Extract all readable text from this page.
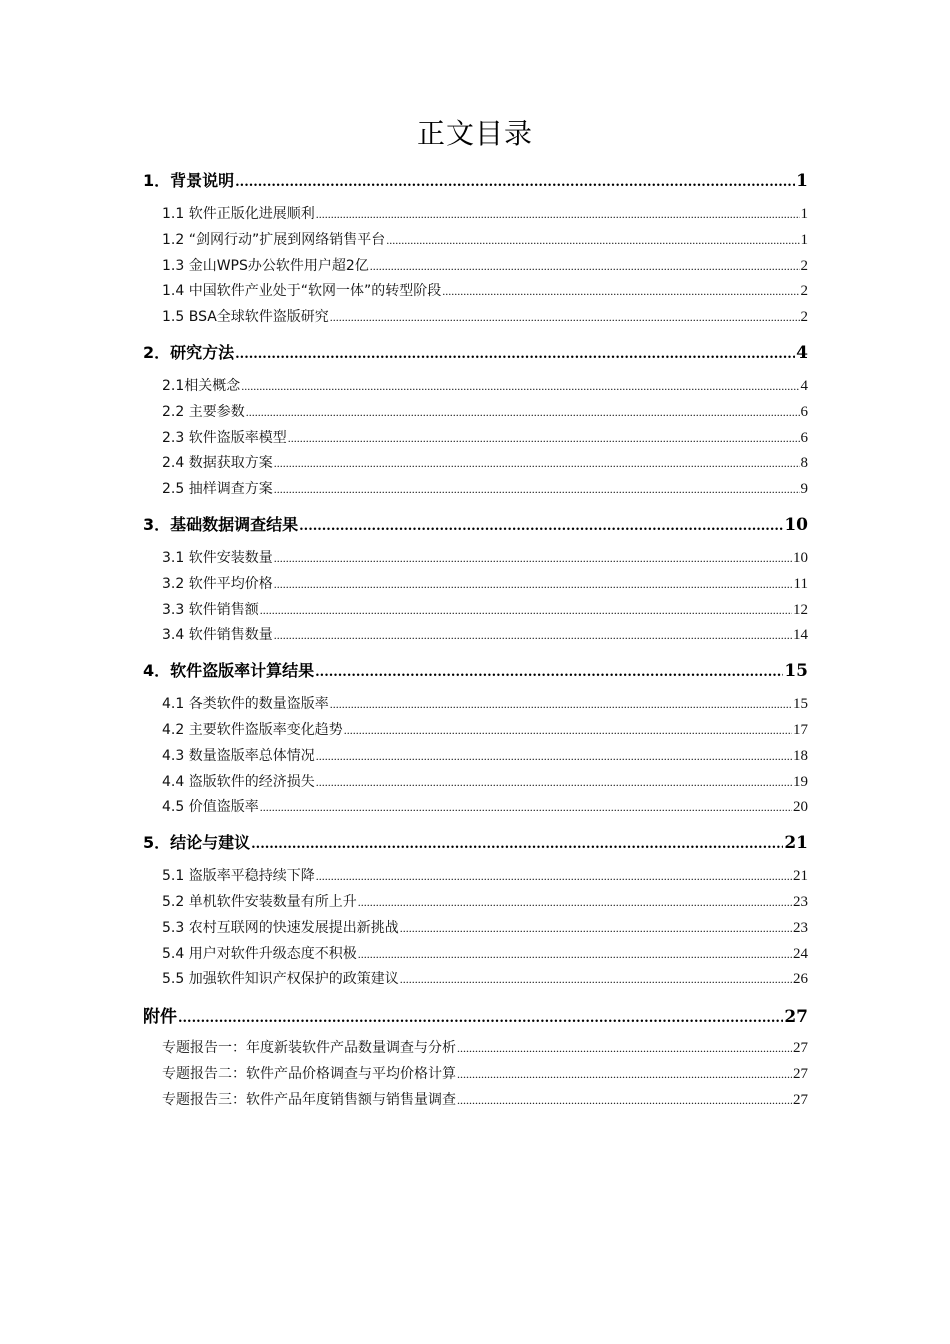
正文目录
1．背景说明 .....	1
1.1 软件正版化进展顺利 .....	1
1.2 “剑网行动”扩展到网络销售平台 .....	1
1.3 金山WPS办公软件用户超2亿 .....	2
1.4 中国软件产业处于“软网一体”的转型阶段 .....	2
1.5 BSA全球软件盗版研究 .....	2
2．研究方法 .....	4
2.1相关概念 .....	4
2.2 主要参数 .....	6
2.3 软件盗版率模型 .....	6
2.4 数据获取方案 .....	8
2.5 抽样调查方案 .....	9
3．基础数据调查结果 .....	10
3.1 软件安装数量 .....	10
3.2 软件平均价格 .....	11
3.3 软件销售额 .....	12
3.4 软件销售数量 .....	14
4．软件盗版率计算结果 .....	15
4.1 各类软件的数量盗版率 .....	15
4.2 主要软件盗版率变化趋势 .....	17
4.3 数量盗版率总体情况 .....	18
4.4 盗版软件的经济损失 .....	19
4.5 价值盗版率 .....	20
5．结论与建议 .....	21
5.1 盗版率平稳持续下降 .....	21
5.2 单机软件安装数量有所上升 .....	23
5.3 农村互联网的快速发展提出新挑战 .....	23
5.4 用户对软件升级态度不积极 .....	24
5.5 加强软件知识产权保护的政策建议 .....	26
附件 .....	27
专题报告一：年度新装软件产品数量调查与分析 .....	27
专题报告二：软件产品价格调查与平均价格计算 .....	27
专题报告三：软件产品年度销售额与销售量调查 .....	27
